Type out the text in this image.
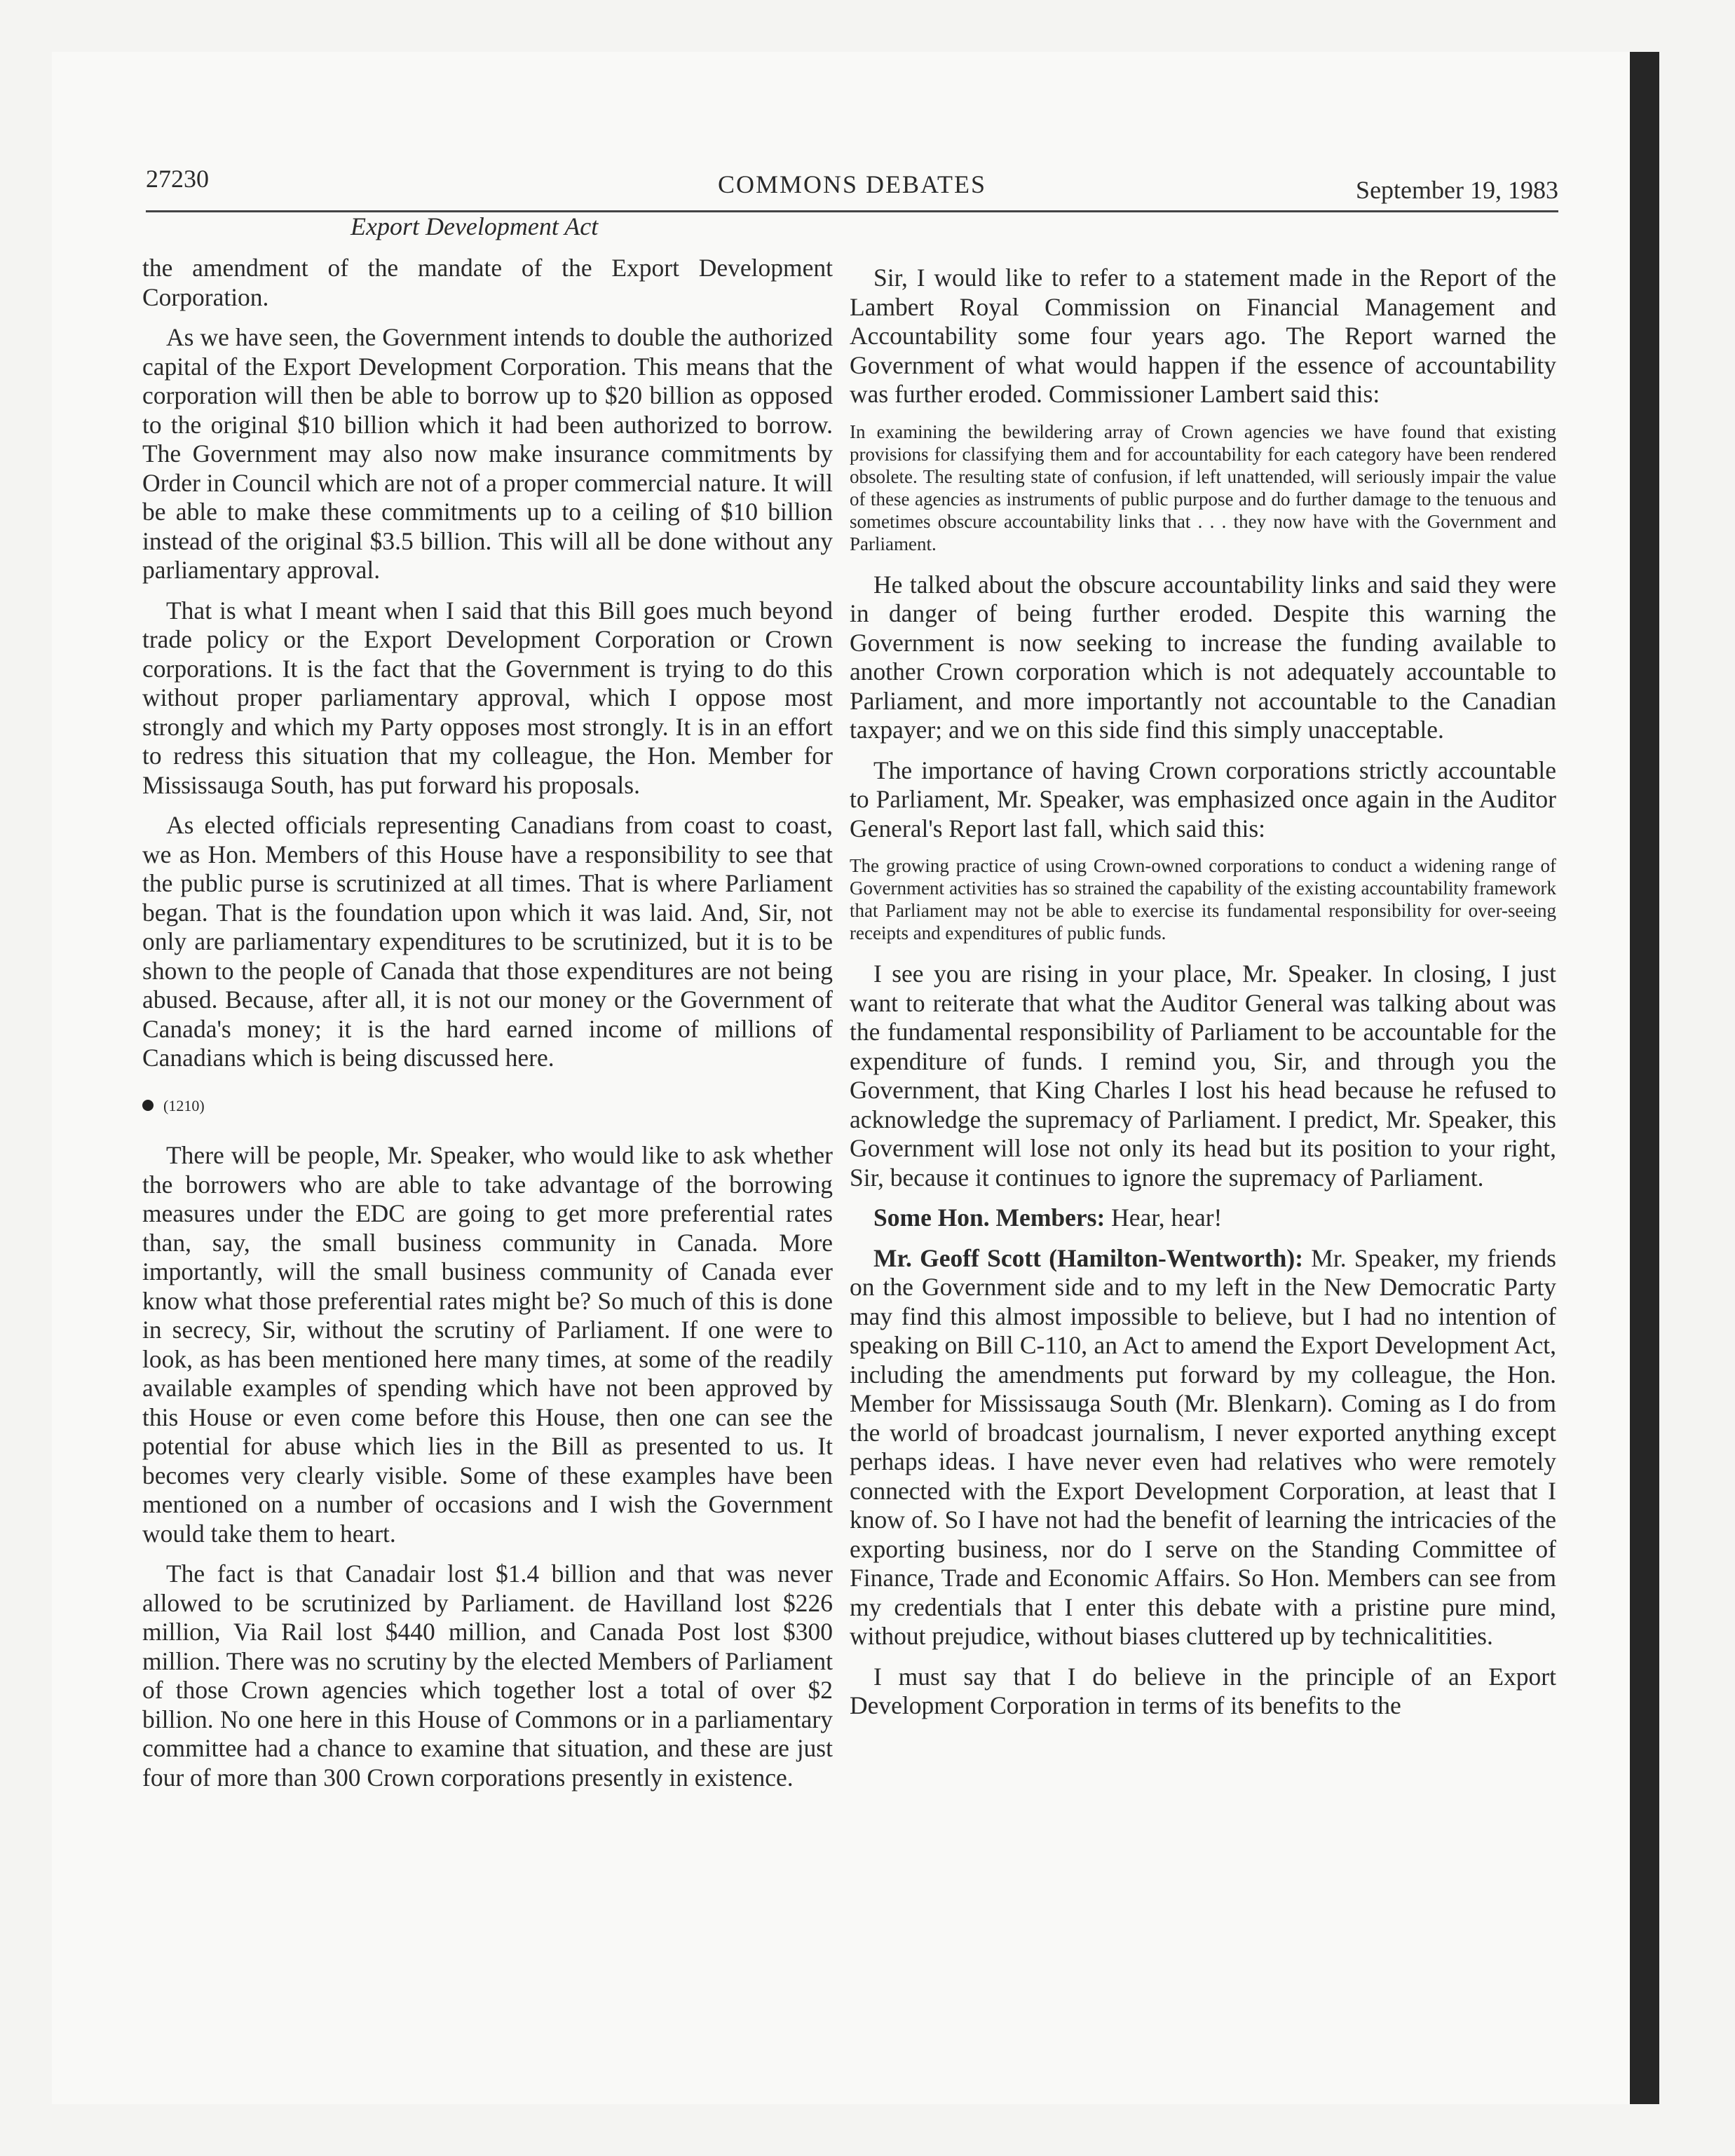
27230	COMMONS DEBATES	September 19, 1983
Export Development Act

the amendment of the mandate of the Export Development Corporation.

As we have seen, the Government intends to double the authorized capital of the Export Development Corporation. This means that the corporation will then be able to borrow up to $20 billion as opposed to the original $10 billion which it had been authorized to borrow. The Government may also now make insurance commitments by Order in Council which are not of a proper commercial nature. It will be able to make these commitments up to a ceiling of $10 billion instead of the original $3.5 billion. This will all be done without any parliamentary approval.

That is what I meant when I said that this Bill goes much beyond trade policy or the Export Development Corporation or Crown corporations. It is the fact that the Government is trying to do this without proper parliamentary approval, which I oppose most strongly and which my Party opposes most strongly. It is in an effort to redress this situation that my colleague, the Hon. Member for Mississauga South, has put forward his proposals.

As elected officials representing Canadians from coast to coast, we as Hon. Members of this House have a responsibility to see that the public purse is scrutinized at all times. That is where Parliament began. That is the foundation upon which it was laid. And, Sir, not only are parliamentary expenditures to be scrutinized, but it is to be shown to the people of Canada that those expenditures are not being abused. Because, after all, it is not our money or the Government of Canada's money; it is the hard earned income of millions of Canadians which is being discussed here.

(1210)

There will be people, Mr. Speaker, who would like to ask whether the borrowers who are able to take advantage of the borrowing measures under the EDC are going to get more preferential rates than, say, the small business community in Canada. More importantly, will the small business community of Canada ever know what those preferential rates might be? So much of this is done in secrecy, Sir, without the scrutiny of Parliament. If one were to look, as has been mentioned here many times, at some of the readily available examples of spending which have not been approved by this House or even come before this House, then one can see the potential for abuse which lies in the Bill as presented to us. It becomes very clearly visible. Some of these examples have been mentioned on a number of occasions and I wish the Government would take them to heart.

The fact is that Canadair lost $1.4 billion and that was never allowed to be scrutinized by Parliament. de Havilland lost $226 million, Via Rail lost $440 million, and Canada Post lost $300 million. There was no scrutiny by the elected Members of Parliament of those Crown agencies which together lost a total of over $2 billion. No one here in this House of Commons or in a parliamentary committee had a chance to examine that situation, and these are just four of more than 300 Crown corporations presently in existence.

Sir, I would like to refer to a statement made in the Report of the Lambert Royal Commission on Financial Management and Accountability some four years ago. The Report warned the Government of what would happen if the essence of accountability was further eroded. Commissioner Lambert said this:

In examining the bewildering array of Crown agencies we have found that existing provisions for classifying them and for accountability for each category have been rendered obsolete. The resulting state of confusion, if left unattended, will seriously impair the value of these agencies as instruments of public purpose and do further damage to the tenuous and sometimes obscure accountability links that . . . they now have with the Government and Parliament.

He talked about the obscure accountability links and said they were in danger of being further eroded. Despite this warning the Government is now seeking to increase the funding available to another Crown corporation which is not adequately accountable to Parliament, and more importantly not accountable to the Canadian taxpayer; and we on this side find this simply unacceptable.

The importance of having Crown corporations strictly accountable to Parliament, Mr. Speaker, was emphasized once again in the Auditor General's Report last fall, which said this:

The growing practice of using Crown-owned corporations to conduct a widening range of Government activities has so strained the capability of the existing accountability framework that Parliament may not be able to exercise its fundamental responsibility for over-seeing receipts and expenditures of public funds.

I see you are rising in your place, Mr. Speaker. In closing, I just want to reiterate that what the Auditor General was talking about was the fundamental responsibility of Parliament to be accountable for the expenditure of funds. I remind you, Sir, and through you the Government, that King Charles I lost his head because he refused to acknowledge the supremacy of Parliament. I predict, Mr. Speaker, this Government will lose not only its head but its position to your right, Sir, because it continues to ignore the supremacy of Parliament.

Some Hon. Members: Hear, hear!

Mr. Geoff Scott (Hamilton-Wentworth): Mr. Speaker, my friends on the Government side and to my left in the New Democratic Party may find this almost impossible to believe, but I had no intention of speaking on Bill C-110, an Act to amend the Export Development Act, including the amendments put forward by my colleague, the Hon. Member for Mississauga South (Mr. Blenkarn). Coming as I do from the world of broadcast journalism, I never exported anything except perhaps ideas. I have never even had relatives who were remotely connected with the Export Development Corporation, at least that I know of. So I have not had the benefit of learning the intricacies of the exporting business, nor do I serve on the Standing Committee of Finance, Trade and Economic Affairs. So Hon. Members can see from my credentials that I enter this debate with a pristine pure mind, without prejudice, without biases cluttered up by technicalitities.

I must say that I do believe in the principle of an Export Development Corporation in terms of its benefits to the
